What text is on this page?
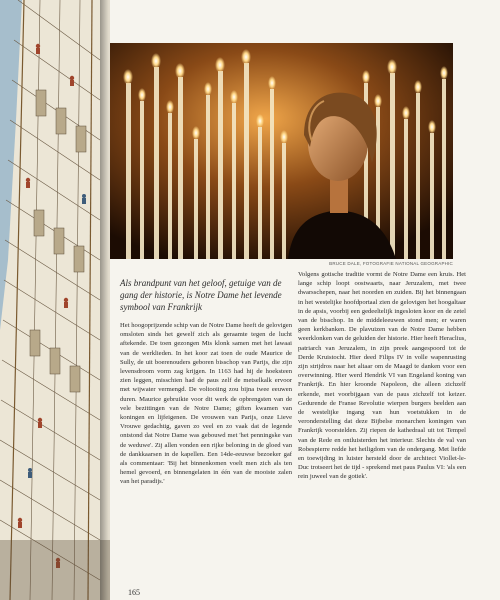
BRUCE DALE, FOTOGRAFIE NATIONAL GEOGRAPHIC

Als brandpunt van het geloof, getuige van de gang der historie, is Notre Dame het levende symbool van Frankrijk

Het hoogoprijzende schip van de Notre Dame heeft de gelovigen omsloten sinds het gewelf zich als geraamte tegen de lucht aftekende. De toen gezongen Mis klonk samen met het lawaai van de werklieden. In het koor zat toen de oude Maurice de Sully, de uit boerenouders geboren bisschop van Parijs, die zijn levensdroom vorm zag krijgen. In 1163 had hij de hoeksteen zien leggen, misschien had de paus zelf de metselkalk ervoor met wijwater vermengd. De voltooiing zou bijna twee eeuwen duren. Maurice gebruikte voor dit werk de opbrengsten van de vele bezittingen van de Notre Dame; giften kwamen van koningen en lijfeigenen. De vrouwen van Parijs, onze Lieve Vrouwe gedachtig, gaven zo veel en zo vaak dat de legende ontstond dat Notre Dame was gebouwd met 'het penningske van de weduwe'. Zij allen vonden een rijke beloning in de gloed van de dankkaarsen in de kapellen. Een 14de-eeuwse bezoeker gaf als commentaar: 'Bij het binnenkomen voelt men zich als ten hemel gevoerd, en binnengelaten in één van de mooiste zalen van het paradijs.'

Volgens gotische traditie vormt de Notre Dame een kruis. Het lange schip loopt oostwaarts, naar Jeruzalem, met twee dwarsschepen, naar het noorden en zuiden. Bij het binnengaan in het westelijke hoofdportaal zien de gelovigen het hoogaltaar in de apsis, voorbij een gedeeltelijk ingesloten koor en de zetel van de bisschop. In de middeleeuwen stond men; er waren geen kerkbanken. De plavuizen van de Notre Dame hebben weerklonken van de geluiden der historie. Hier heeft Heraclius, patriarch van Jeruzalem, in zijn preek aangespoord tot de Derde Kruistocht. Hier deed Filips IV in volle wapenrusting zijn strijdros naar het altaar om de Maagd te danken voor een overwinning. Hier werd Hendrik VI van Engeland koning van Frankrijk. En hier kroonde Napoleon, die alleen zichzelf erkende, met voorbijgaan van de paus zichzelf tot keizer. Gedurende de Franse Revolutie wierpen burgers beelden aan de westelijke ingang van hun voetstukken in de veronderstelling dat deze Bijbelse monarchen koningen van Frankrijk voorstelden. Zij riepen de kathedraal uit tot Tempel van de Rede en ontluisterden het interieur. Slechts de val van Robespierre redde het heiligdom van de ondergang. Met liefde en toewijding in luister hersteld door de architect Viollet-le-Duc trotseert het de tijd - sprekend met paus Paulus VI: 'als een rein juweel van de gotiek'.

165
